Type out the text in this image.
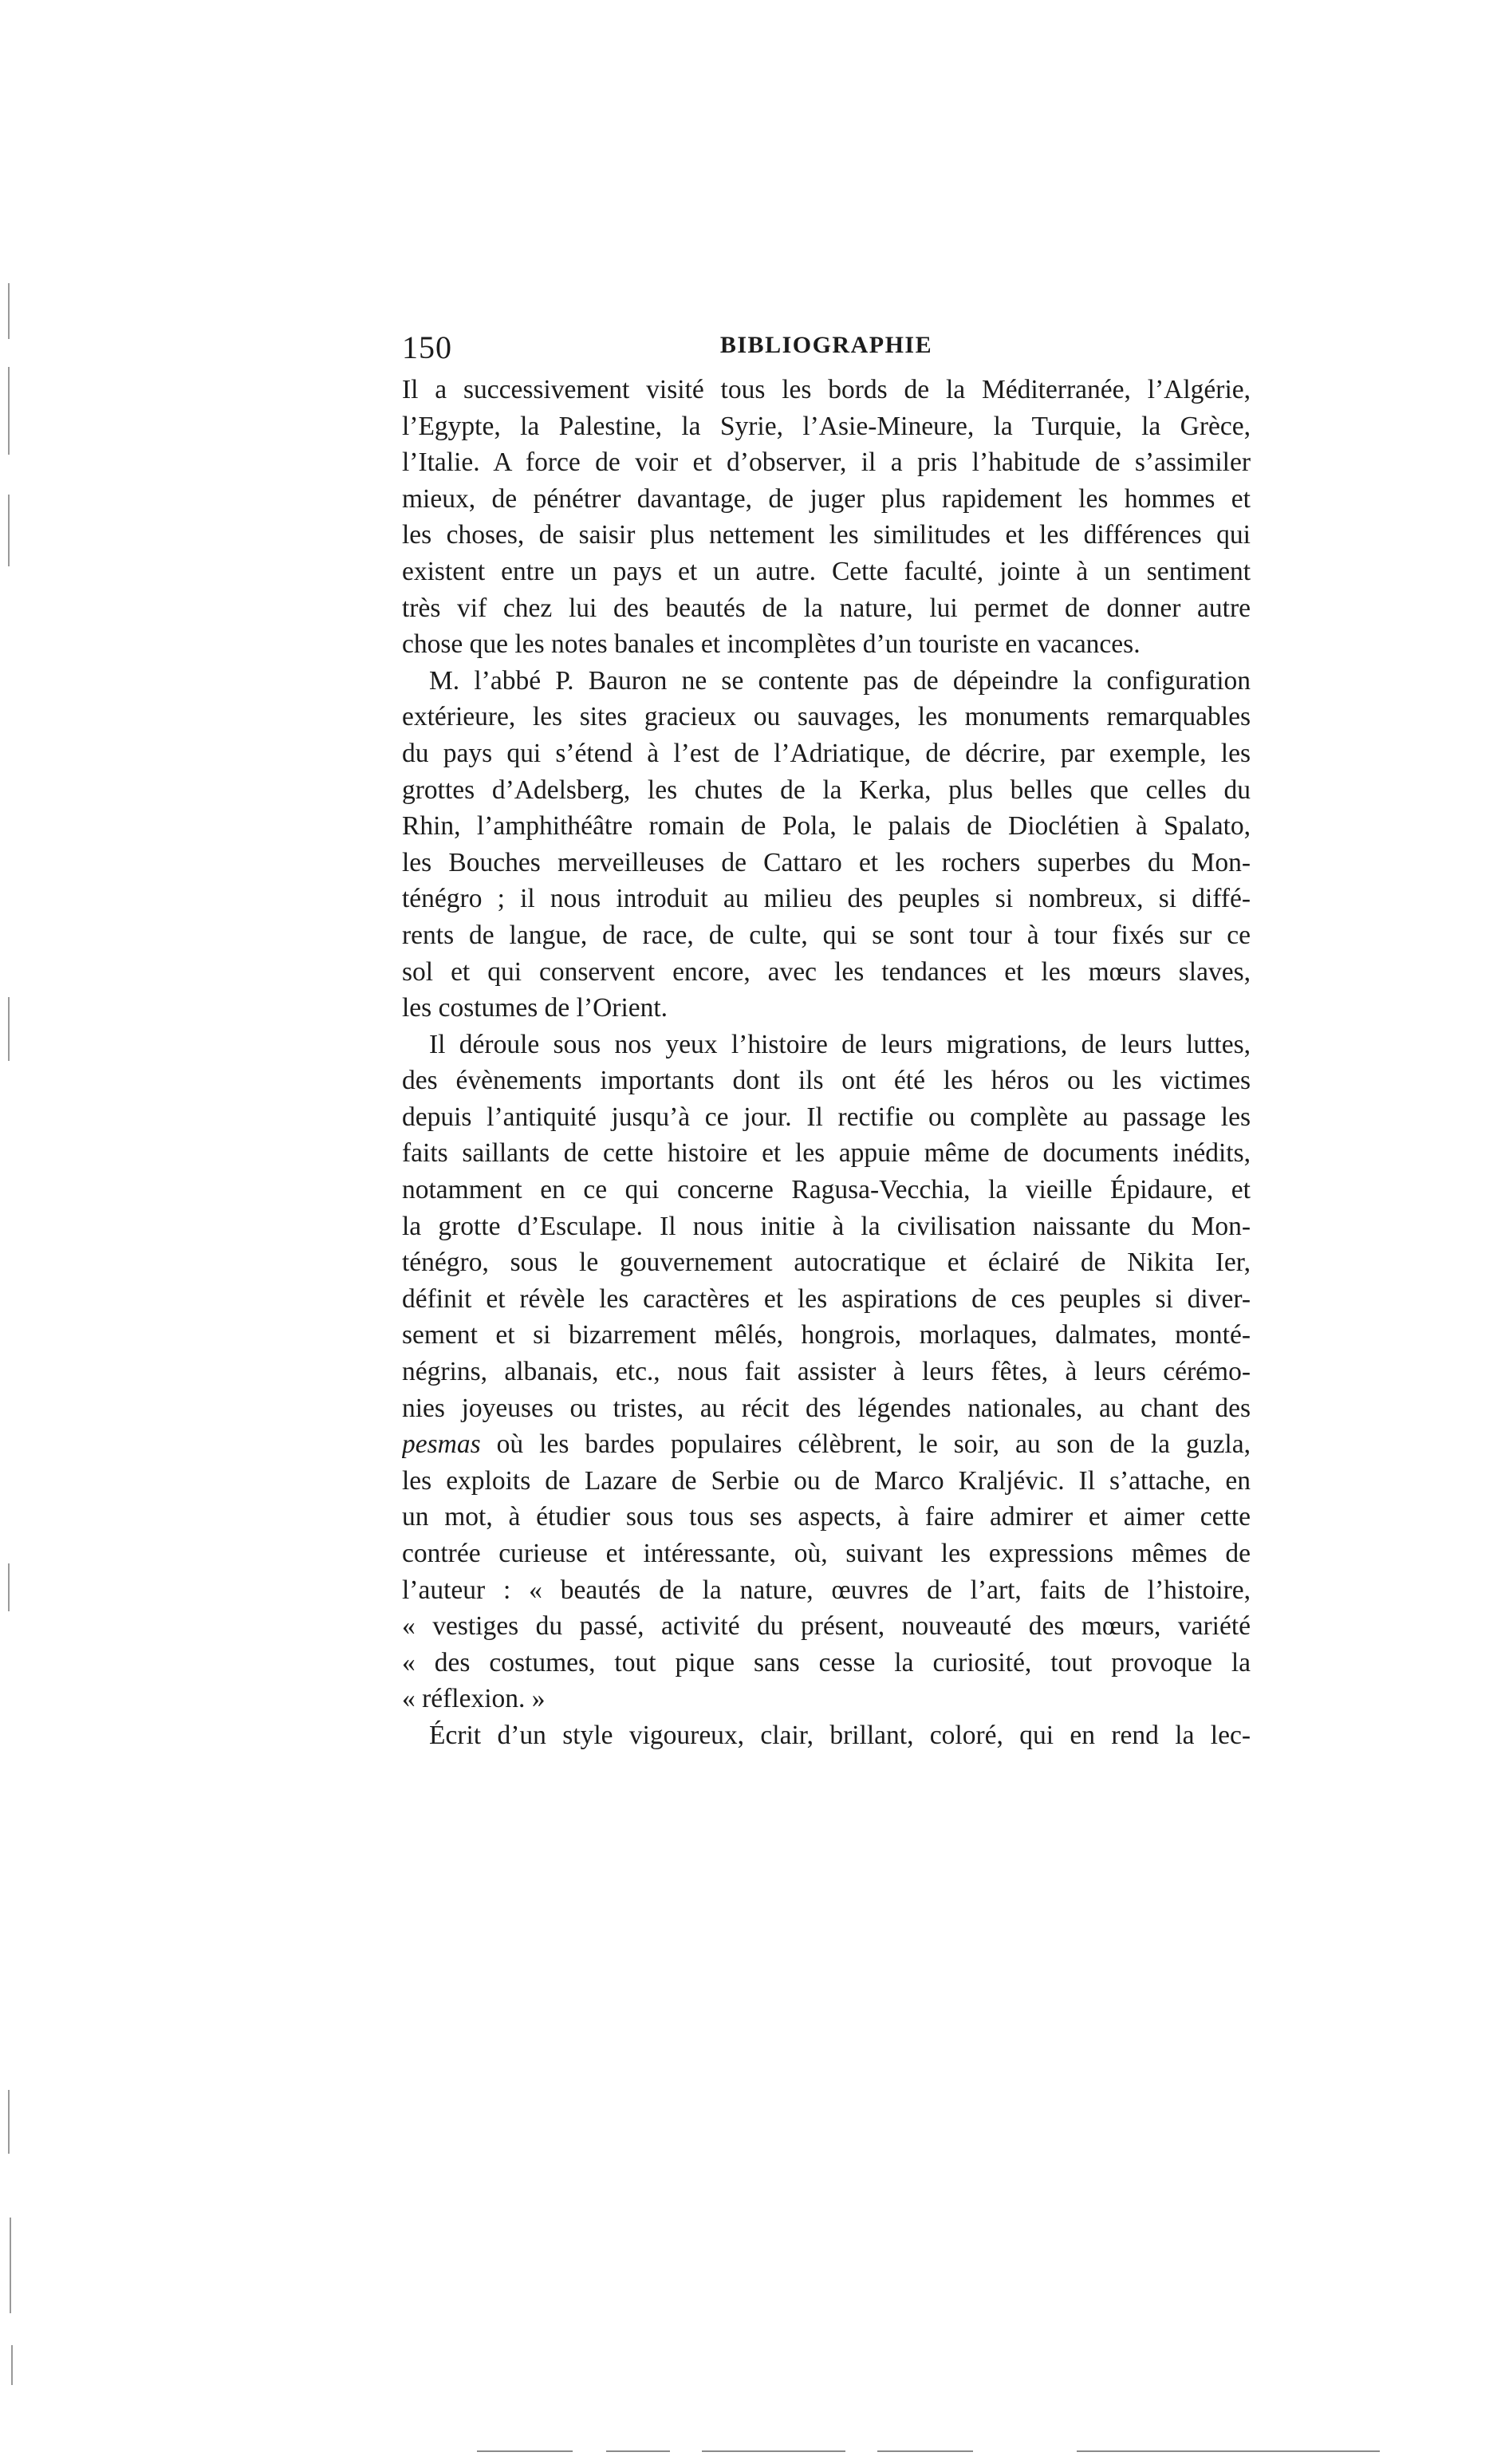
150	BIBLIOGRAPHIE
Il a successivement visité tous les bords de la Méditerranée, l’Algérie,
l’Egypte, la Palestine, la Syrie, l’Asie-Mineure, la Turquie, la Grèce,
l’Italie. A force de voir et d’observer, il a pris l’habitude de s’assimiler
mieux, de pénétrer davantage, de juger plus rapidement les hommes et
les choses, de saisir plus nettement les similitudes et les différences qui
existent entre un pays et un autre. Cette faculté, jointe à un sentiment
très vif chez lui des beautés de la nature, lui permet de donner autre
chose que les notes banales et incomplètes d’un touriste en vacances.
M. l’abbé P. Bauron ne se contente pas de dépeindre la configuration
extérieure, les sites gracieux ou sauvages, les monuments remarquables
du pays qui s’étend à l’est de l’Adriatique, de décrire, par exemple, les
grottes d’Adelsberg, les chutes de la Kerka, plus belles que celles du
Rhin, l’amphithéâtre romain de Pola, le palais de Dioclétien à Spalato,
les Bouches merveilleuses de Cattaro et les rochers superbes du Mon-
ténégro ; il nous introduit au milieu des peuples si nombreux, si diffé-
rents de langue, de race, de culte, qui se sont tour à tour fixés sur ce
sol et qui conservent encore, avec les tendances et les mœurs slaves,
les costumes de l’Orient.
Il déroule sous nos yeux l’histoire de leurs migrations, de leurs luttes,
des évènements importants dont ils ont été les héros ou les victimes
depuis l’antiquité jusqu’à ce jour. Il rectifie ou complète au passage les
faits saillants de cette histoire et les appuie même de documents inédits,
notamment en ce qui concerne Ragusa-Vecchia, la vieille Épidaure, et
la grotte d’Esculape. Il nous initie à la civilisation naissante du Mon-
ténégro, sous le gouvernement autocratique et éclairé de Nikita Ier,
définit et révèle les caractères et les aspirations de ces peuples si diver-
sement et si bizarrement mêlés, hongrois, morlaques, dalmates, monté-
négrins, albanais, etc., nous fait assister à leurs fêtes, à leurs cérémo-
nies joyeuses ou tristes, au récit des légendes nationales, au chant des
pesmas où les bardes populaires célèbrent, le soir, au son de la guzla,
les exploits de Lazare de Serbie ou de Marco Kraljévic. Il s’attache, en
un mot, à étudier sous tous ses aspects, à faire admirer et aimer cette
contrée curieuse et intéressante, où, suivant les expressions mêmes de
l’auteur : « beautés de la nature, œuvres de l’art, faits de l’histoire,
« vestiges du passé, activité du présent, nouveauté des mœurs, variété
« des costumes, tout pique sans cesse la curiosité, tout provoque la
« réflexion. »
Écrit d’un style vigoureux, clair, brillant, coloré, qui en rend la lec-
